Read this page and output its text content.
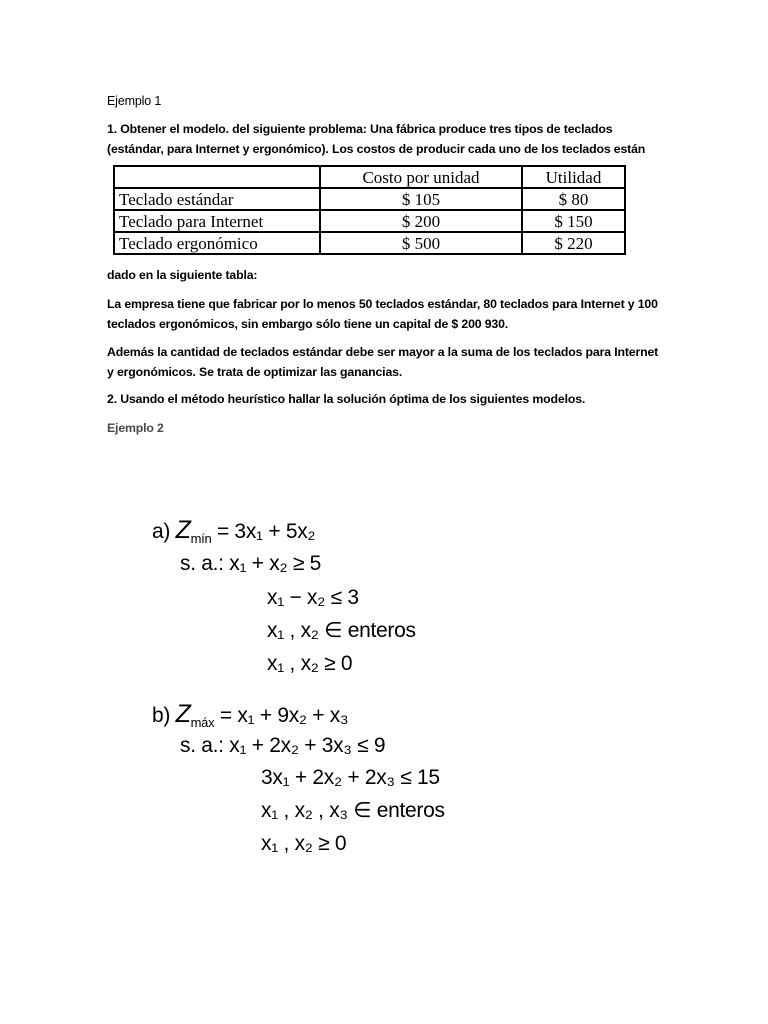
Ejemplo 1
1. Obtener el modelo. del siguiente problema: Una fábrica produce tres tipos de teclados (estándar, para Internet y ergonómico). Los costos de producir cada uno de los teclados están
	Costo por unidad	Utilidad
Teclado estándar	$ 105	$ 80
Teclado para Internet	$ 200	$ 150
Teclado ergonómico	$ 500	$ 220
dado en la siguiente tabla:
La empresa tiene que fabricar por lo menos 50 teclados estándar, 80 teclados para Internet y 100 teclados ergonómicos, sin embargo sólo tiene un capital de $ 200 930.
Además la cantidad de teclados estándar debe ser mayor a la suma de los teclados para Internet y ergonómicos. Se trata de optimizar las ganancias.
2. Usando el método heurístico hallar la solución óptima de los siguientes modelos.
Ejemplo 2
a) $Z_{mín} = 3x_1 + 5x_2$
s. a.: x₁ + x₂ ≥ 5
x₁ − x₂ ≤ 3
x₁ , x₂ ∈ enteros
x₁ , x₂ ≥ 0
b) $Z_{máx} = x_1 + 9x_2 + x_3$
s. a.: x₁ + 2x₂ + 3x₃ ≤ 9
3x₁ + 2x₂ + 2x₃ ≤ 15
x₁ , x₂ , x₃ ∈ enteros
x₁ , x₂ ≥ 0
